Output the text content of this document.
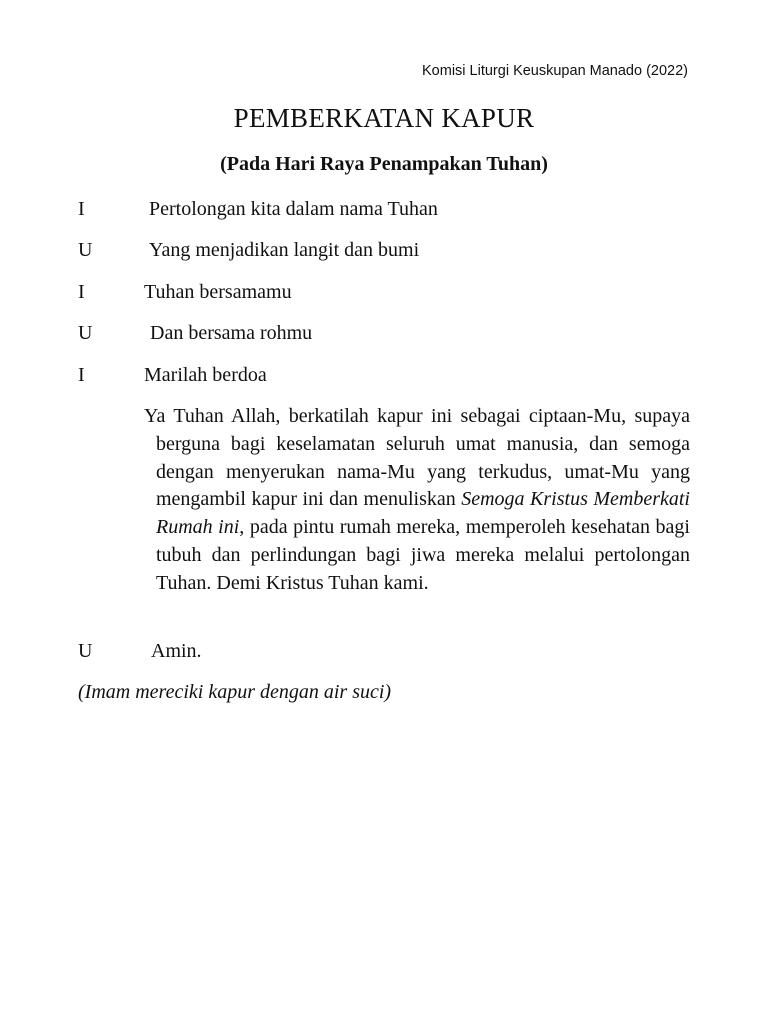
Komisi Liturgi Keuskupan Manado (2022)
PEMBERKATAN KAPUR
(Pada Hari Raya Penampakan Tuhan)
I	Pertolongan kita dalam nama Tuhan
U	Yang menjadikan langit dan bumi
I	Tuhan bersamamu
U	Dan bersama rohmu
I	Marilah berdoa
Ya Tuhan Allah, berkatilah kapur ini sebagai ciptaan-Mu, supaya berguna bagi keselamatan seluruh umat manusia, dan semoga dengan menyerukan nama-Mu yang terkudus, umat-Mu yang mengambil kapur ini dan menuliskan Semoga Kristus Memberkati Rumah ini, pada pintu rumah mereka, memperoleh kesehatan bagi tubuh dan perlindungan bagi jiwa mereka melalui pertolongan Tuhan. Demi Kristus Tuhan kami.
U	Amin.
(Imam mereciki kapur dengan air suci)
